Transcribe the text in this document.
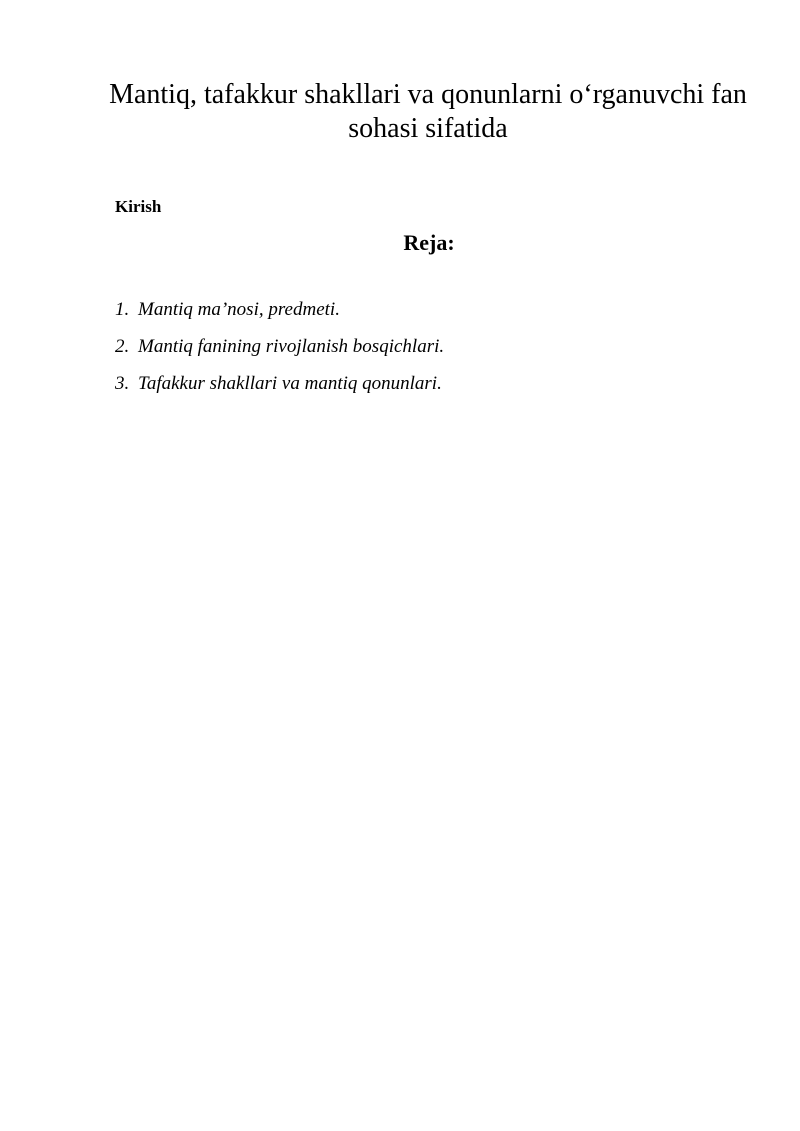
Mantiq, tafakkur shakllari va qonunlarni o‘rganuvchi fan sohasi sifatida

Kirish

Reja:
1. Mantiq ma’nosi, predmeti.
2. Mantiq fanining rivojlanish bosqichlari.
3. Tafakkur shakllari va mantiq qonunlari.
